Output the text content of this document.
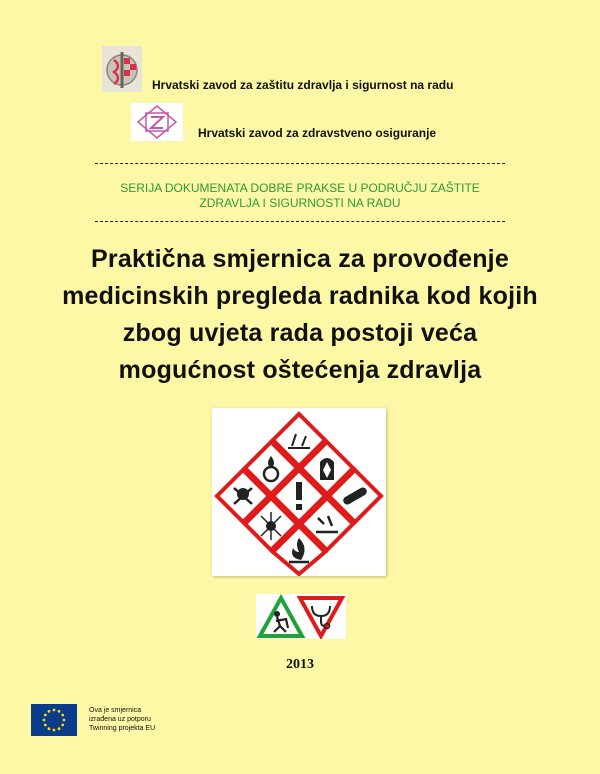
Hrvatski zavod za zaštitu zdravlja i sigurnost na radu
Hrvatski zavod za zdravstveno osiguranje
SERIJA DOKUMENATA DOBRE PRAKSE U PODRUČJU ZAŠTITE
ZDRAVLJA I SIGURNOSTI NA RADU
Praktična smjernica za provođenje
medicinskih pregleda radnika kod kojih
zbog uvjeta rada postoji veća
mogućnost oštećenja zdravlja
2013
Ova je smjernica
izrađena uz potporu
Twinning projekta EU
